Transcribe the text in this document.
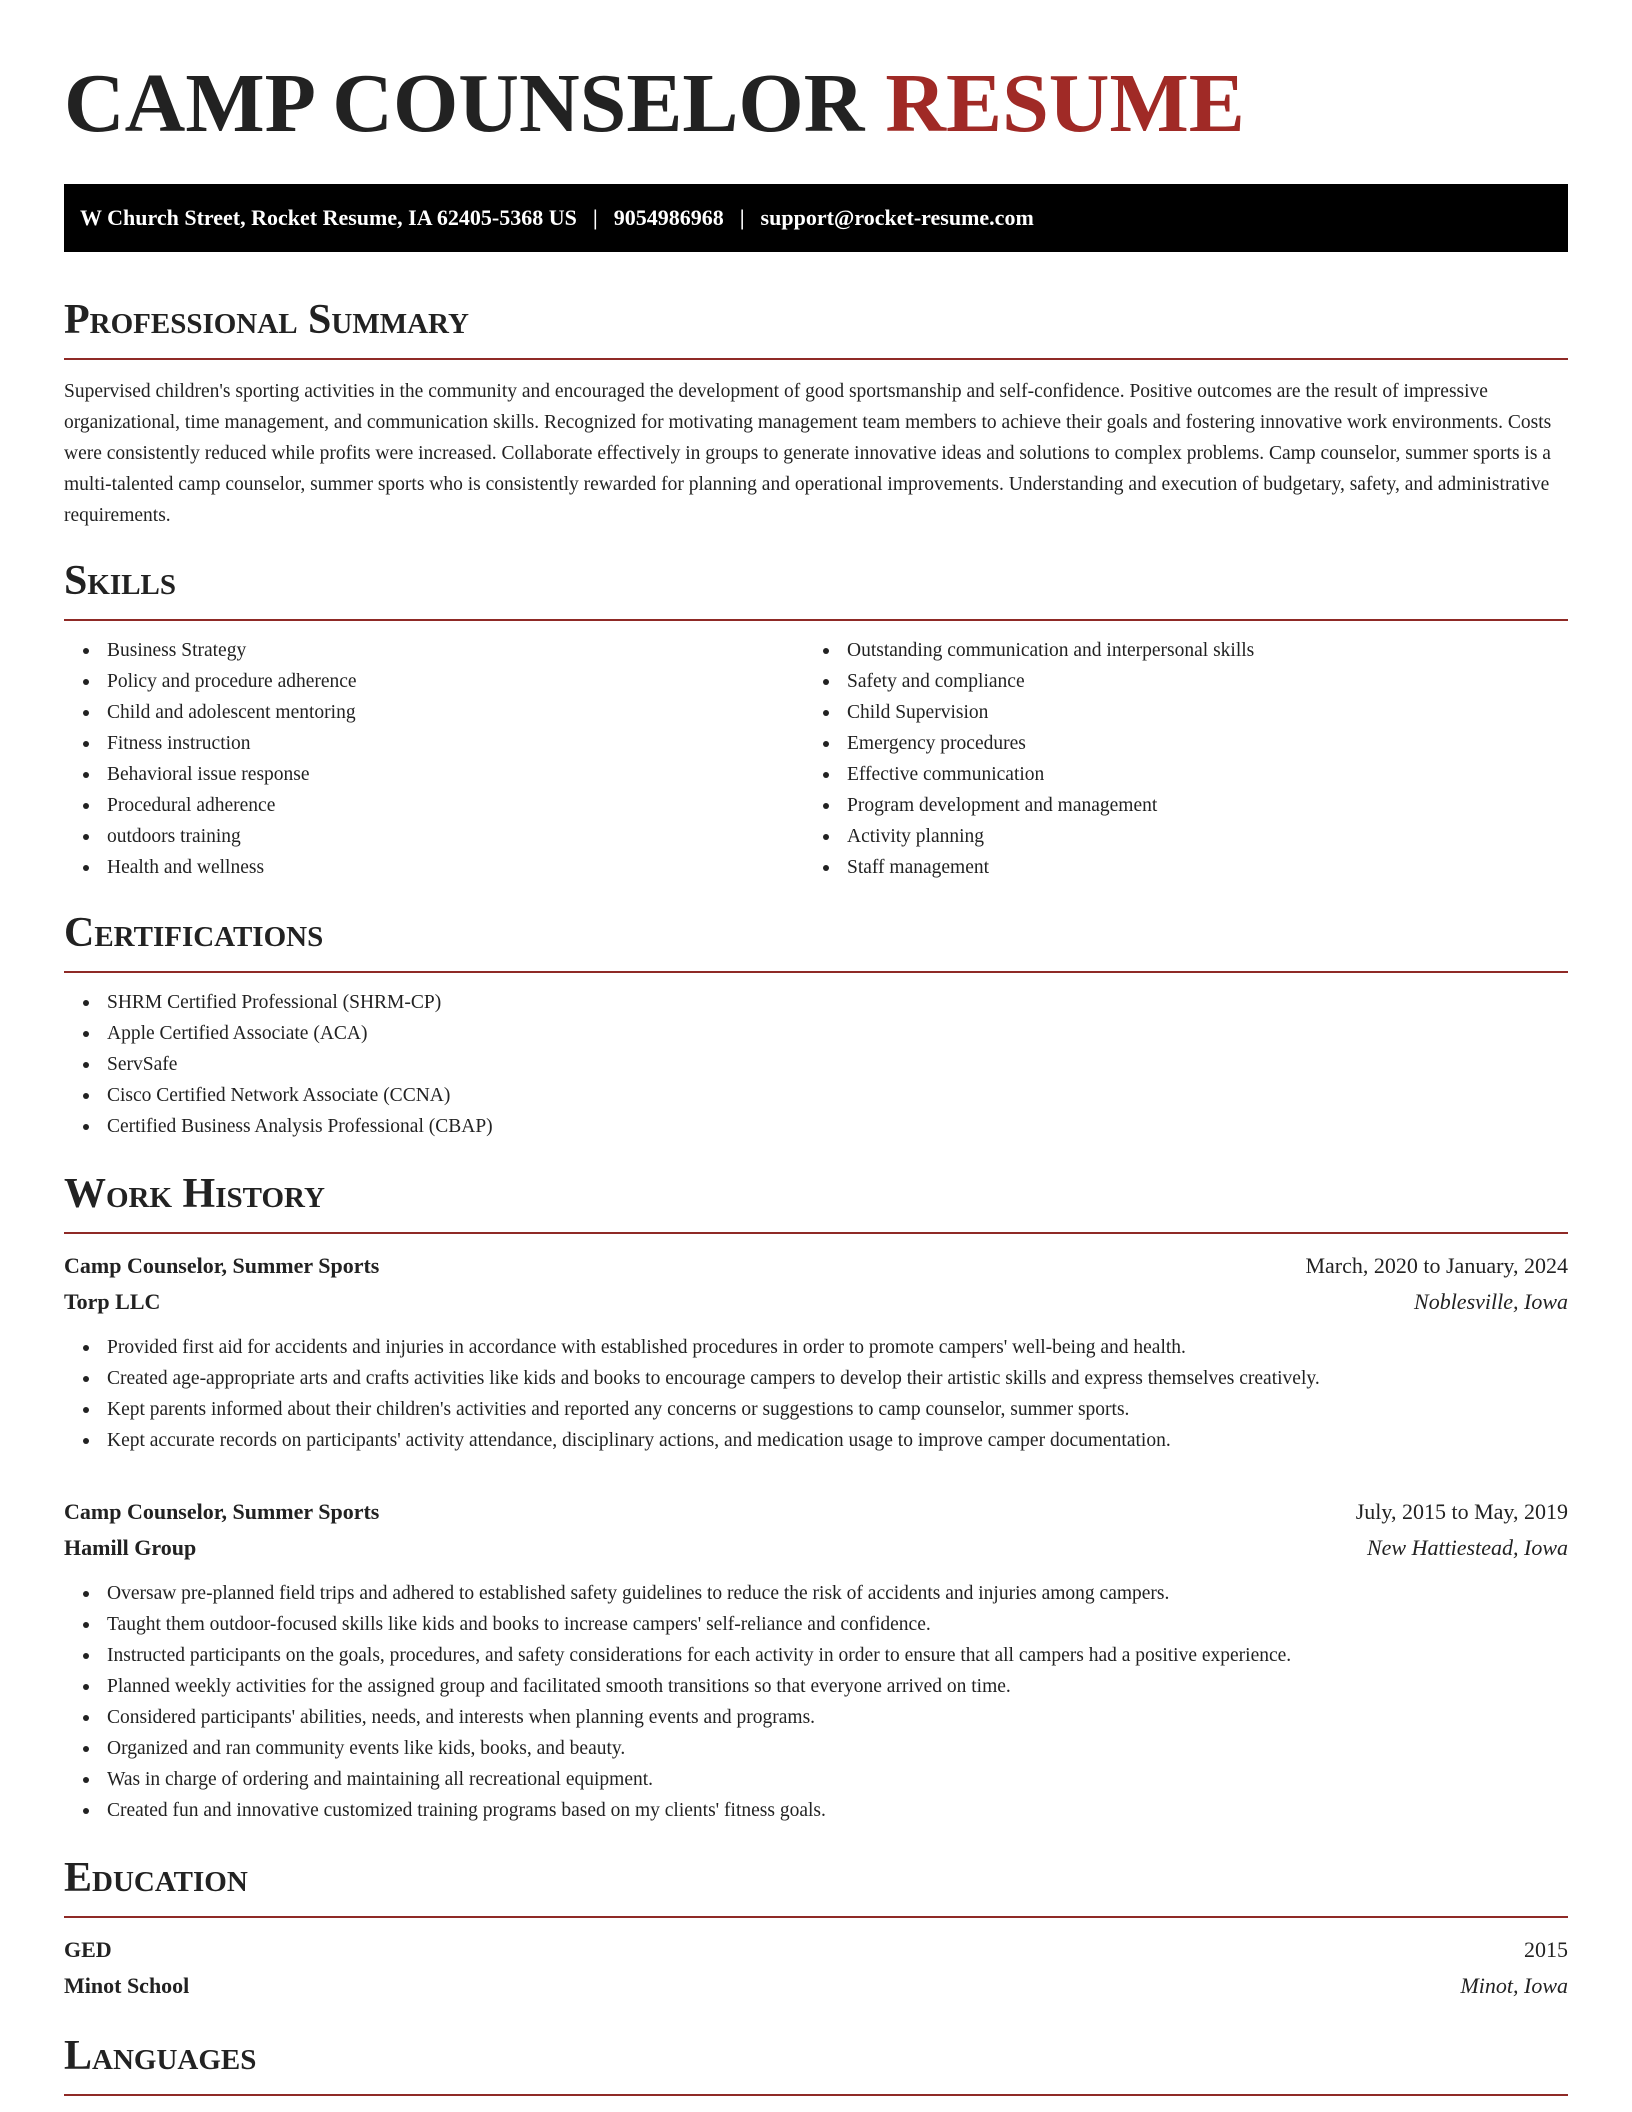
CAMP COUNSELOR RESUME
W Church Street, Rocket Resume, IA 62405-5368 US | 9054986968 | support@rocket-resume.com
Professional Summary

Supervised children's sporting activities in the community and encouraged the development of good sportsmanship and self-confidence. Positive outcomes are the result of impressive organizational, time management, and communication skills. Recognized for motivating management team members to achieve their goals and fostering innovative work environments. Costs were consistently reduced while profits were increased. Collaborate effectively in groups to generate innovative ideas and solutions to complex problems. Camp counselor, summer sports is a multi-talented camp counselor, summer sports who is consistently rewarded for planning and operational improvements. Understanding and execution of budgetary, safety, and administrative requirements.

Skills
Business Strategy
Policy and procedure adherence
Child and adolescent mentoring
Fitness instruction
Behavioral issue response
Procedural adherence
outdoors training
Health and wellness
Outstanding communication and interpersonal skills
Safety and compliance
Child Supervision
Emergency procedures
Effective communication
Program development and management
Activity planning
Staff management
Certifications
SHRM Certified Professional (SHRM-CP)
Apple Certified Associate (ACA)
ServSafe
Cisco Certified Network Associate (CCNA)
Certified Business Analysis Professional (CBAP)
Work History
Camp Counselor, Summer Sports	March, 2020 to January, 2024
Torp LLC	Noblesville, Iowa
Provided first aid for accidents and injuries in accordance with established procedures in order to promote campers' well-being and health.
Created age-appropriate arts and crafts activities like kids and books to encourage campers to develop their artistic skills and express themselves creatively.
Kept parents informed about their children's activities and reported any concerns or suggestions to camp counselor, summer sports.
Kept accurate records on participants' activity attendance, disciplinary actions, and medication usage to improve camper documentation.
Camp Counselor, Summer Sports	July, 2015 to May, 2019
Hamill Group	New Hattiestead, Iowa
Oversaw pre-planned field trips and adhered to established safety guidelines to reduce the risk of accidents and injuries among campers.
Taught them outdoor-focused skills like kids and books to increase campers' self-reliance and confidence.
Instructed participants on the goals, procedures, and safety considerations for each activity in order to ensure that all campers had a positive experience.
Planned weekly activities for the assigned group and facilitated smooth transitions so that everyone arrived on time.
Considered participants' abilities, needs, and interests when planning events and programs.
Organized and ran community events like kids, books, and beauty.
Was in charge of ordering and maintaining all recreational equipment.
Created fun and innovative customized training programs based on my clients' fitness goals.
Education
GED	2015
Minot School	Minot, Iowa
Languages
